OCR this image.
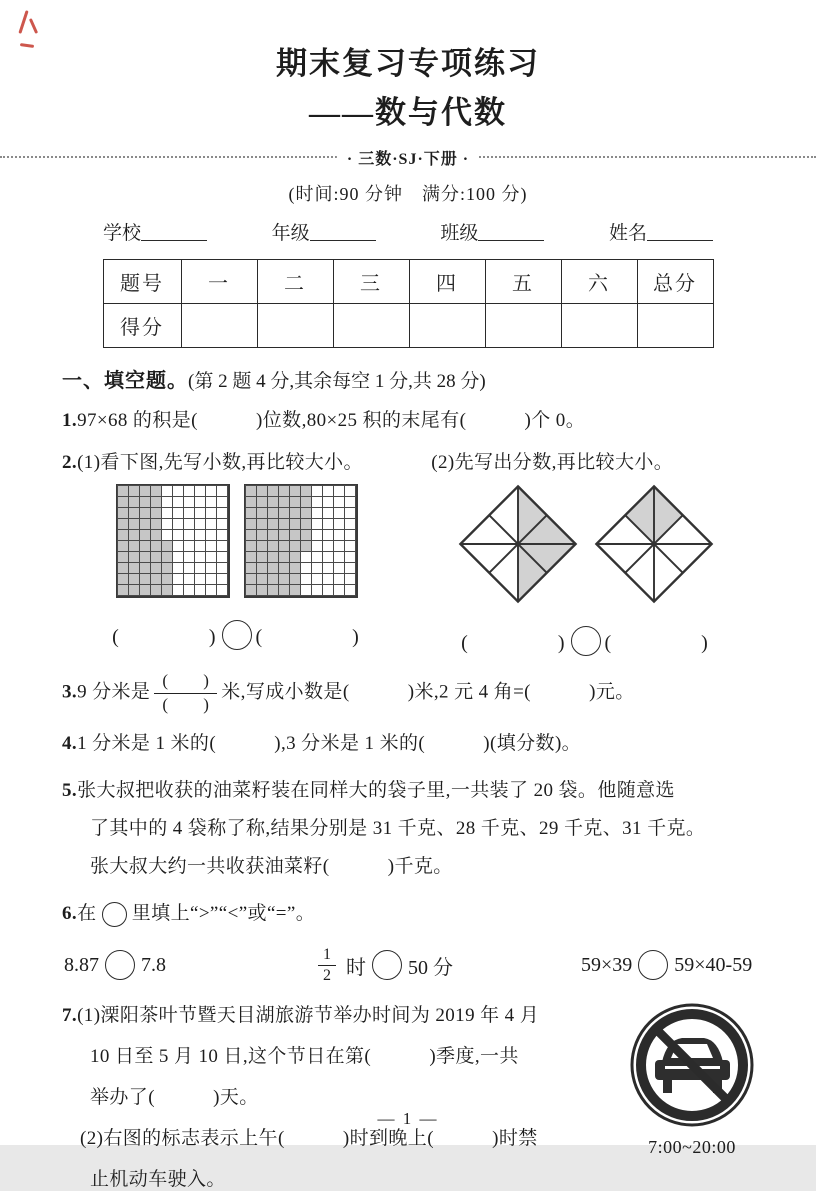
期末复习专项练习
——数与代数
· 三数·SJ·下册 ·
(时间:90 分钟　满分:100 分)
学校	年级	班级	姓名
题号	一	二	三	四	五	六	总分
得分							
一、填空题。(第 2 题 4 分,其余每空 1 分,共 28 分)
1.97×68 的积是(　　　)位数,80×25 积的末尾有(　　　)个 0。
2.(1)看下图,先写小数,再比较大小。	(2)先写出分数,再比较大小。
(　　　　) (　　　　)	(　　　　) (　　　　)
3.9 分米是 $\frac{( )}{( )}$ 米,写成小数是(　　　)米,2 元 4 角=(　　　)元。
4.1 分米是 1 米的(　　　),3 分米是 1 米的(　　　)(填分数)。
5.张大叔把收获的油菜籽装在同样大的袋子里,一共装了 20 袋。他随意选
了其中的 4 袋称了称,结果分别是 31 千克、28 千克、29 千克、31 千克。
张大叔大约一共收获油菜籽(　　　)千克。
6.在 里填上“>”“<”或“=”。
8.87 7.8	$\frac{1}{2}$ 时 50 分	59×39 59×40-59
7.(1)溧阳茶叶节暨天目湖旅游节举办时间为 2019 年 4 月
10 日至 5 月 10 日,这个节日在第(　　　)季度,一共
举办了(　　　)天。
(2)右图的标志表示上午(　　　)时到晚上(　　　)时禁
止机动车驶入。
7:00~20:00
— 1 —
